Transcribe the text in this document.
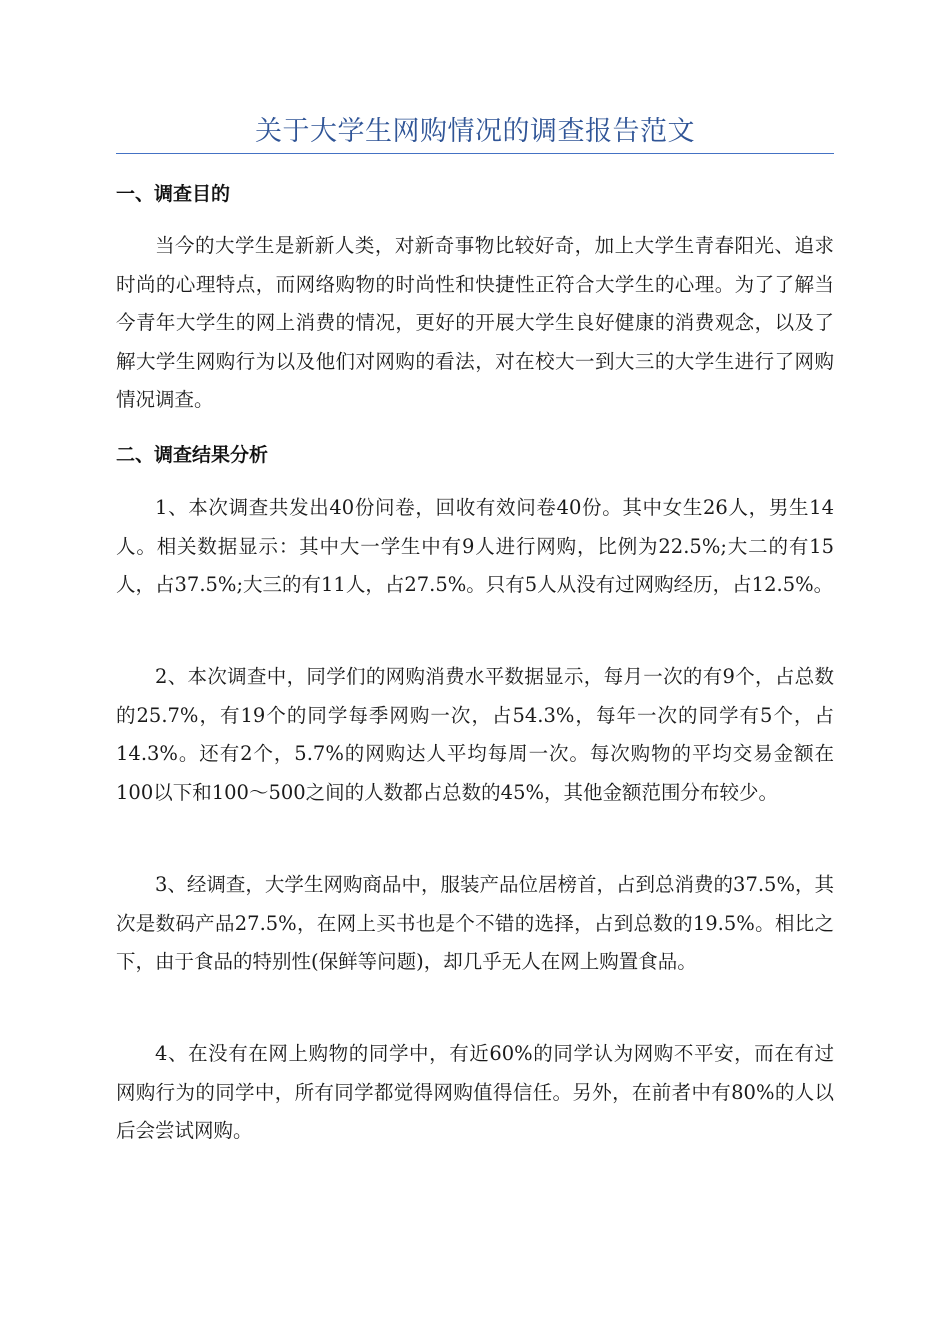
关于大学生网购情况的调查报告范文
一、调查目的

当今的大学生是新新人类，对新奇事物比较好奇，加上大学生青春阳光、追求时尚的心理特点，而网络购物的时尚性和快捷性正符合大学生的心理。为了了解当今青年大学生的网上消费的情况，更好的开展大学生良好健康的消费观念，以及了解大学生网购行为以及他们对网购的看法，对在校大一到大三的大学生进行了网购情况调查。

二、调查结果分析

1、本次调查共发出40份问卷，回收有效问卷40份。其中女生26人，男生14人。相关数据显示：其中大一学生中有9人进行网购，比例为22.5%;大二的有15人，占37.5%;大三的有11人，占27.5%。只有5人从没有过网购经历，占12.5%。

2、本次调查中，同学们的网购消费水平数据显示，每月一次的有9个，占总数的25.7%，有19个的同学每季网购一次，占54.3%，每年一次的同学有5个，占14.3%。还有2个，5.7%的网购达人平均每周一次。每次购物的平均交易金额在100以下和100～500之间的人数都占总数的45%，其他金额范围分布较少。

3、经调查，大学生网购商品中，服装产品位居榜首，占到总消费的37.5%，其次是数码产品27.5%，在网上买书也是个不错的选择，占到总数的19.5%。相比之下，由于食品的特别性(保鲜等问题)，却几乎无人在网上购置食品。

4、在没有在网上购物的同学中，有近60%的同学认为网购不平安，而在有过网购行为的同学中，所有同学都觉得网购值得信任。另外，在前者中有80%的人以后会尝试网购。
